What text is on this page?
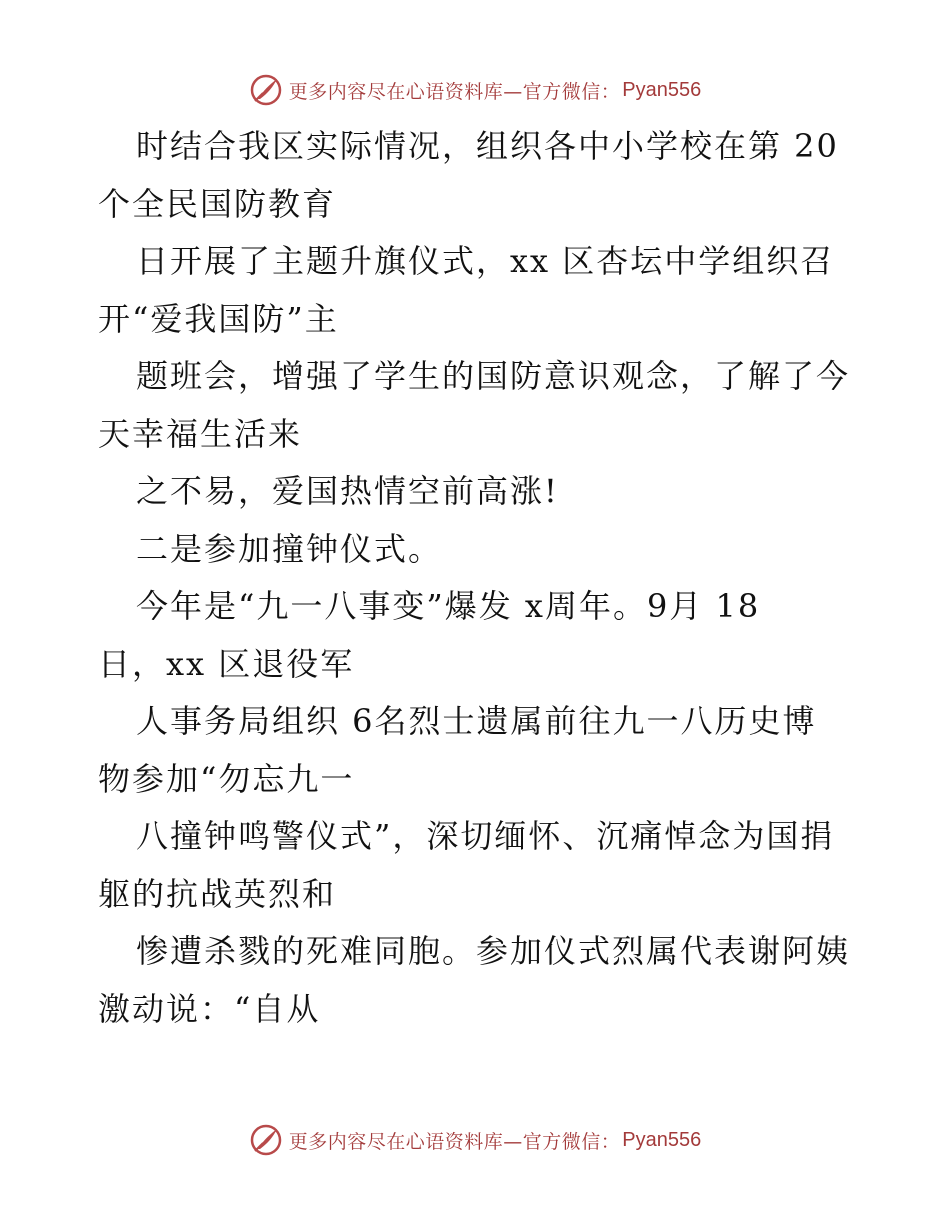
更多内容尽在心语资料库—官方微信： Pyan556
时结合我区实际情况，组织各中小学校在第 20
个全民国防教育
日开展了主题升旗仪式，xx 区杏坛中学组织召
开“爱我国防”主
题班会，增强了学生的国防意识观念，了解了今
天幸福生活来
之不易，爱国热情空前高涨!
二是参加撞钟仪式。
今年是“九一八事变”爆发 x周年。9月 18
日，xx 区退役军
人事务局组织 6名烈士遗属前往九一八历史博
物参加“勿忘九一
八撞钟鸣警仪式”，深切缅怀、沉痛悼念为国捐
躯的抗战英烈和
惨遭杀戮的死难同胞。参加仪式烈属代表谢阿姨
激动说：“自从
更多内容尽在心语资料库—官方微信： Pyan556
